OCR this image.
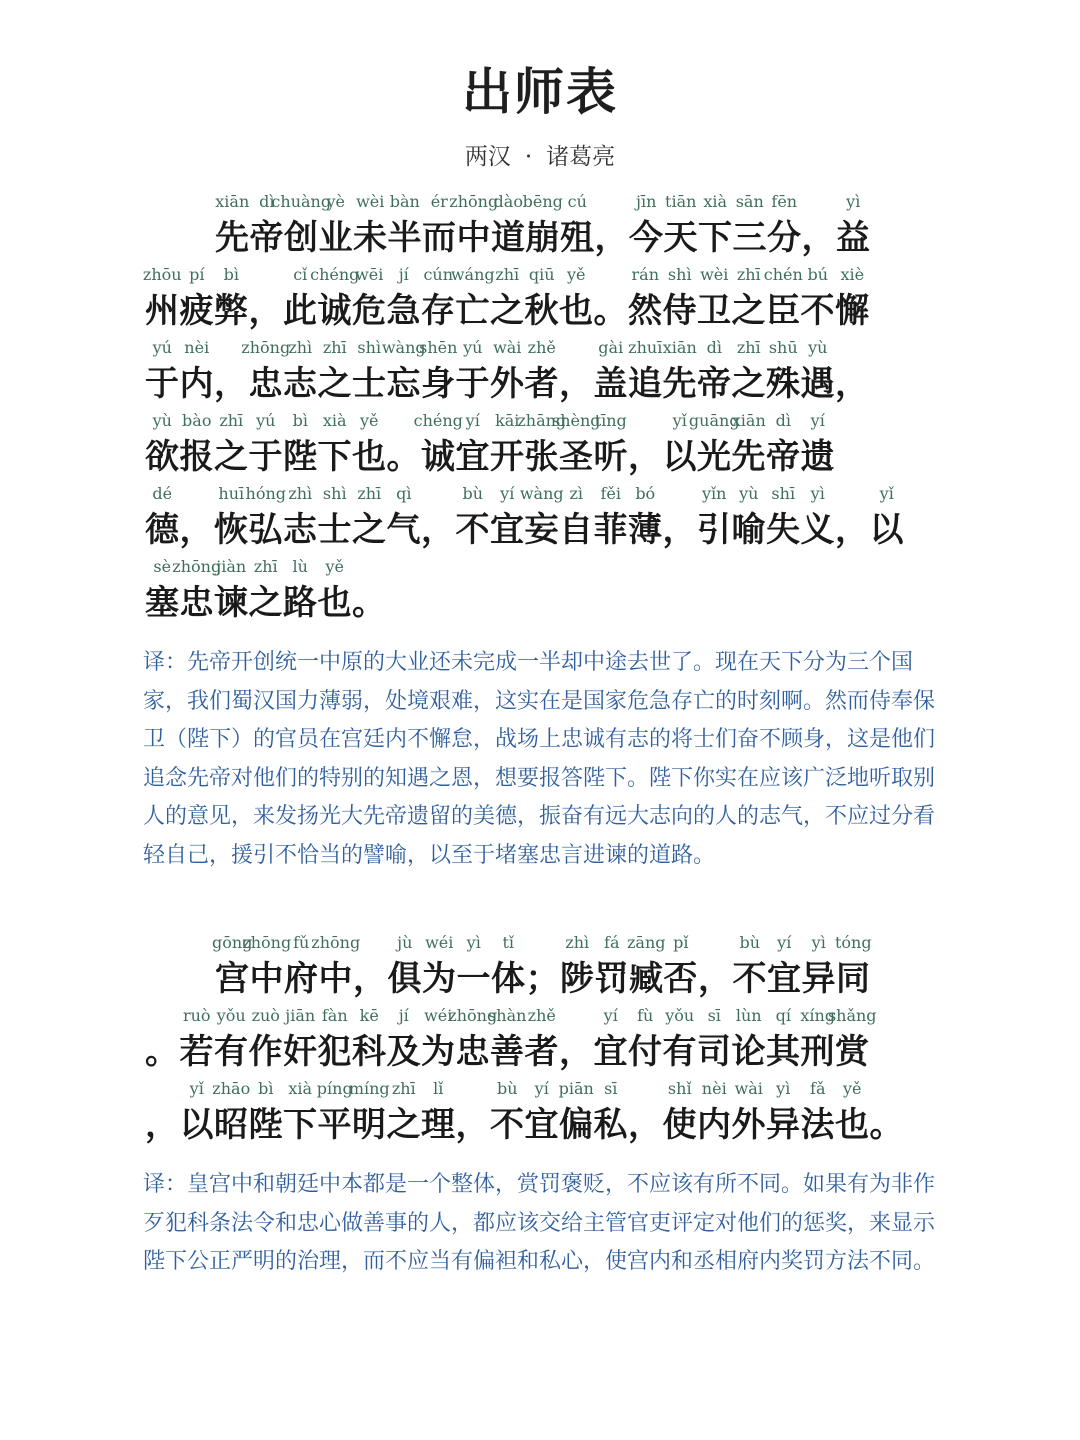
出师表
两汉 · 诸葛亮
xiān dì
chuàng
yè wèi bàn ér zhōng
dào bēng cú	jīn tiān xià sān fēn	yì
先帝创业未半而中道崩殂，今天下三分，益
zhōu pí bì	cǐ chéng
wēi jí cún
wáng zhī qiū yě	rán shì wèi zhī chén bú xiè
州疲弊，此诚危急存亡之秋也。然侍卫之臣不懈
yú nèi zhōng
zhì zhī shì wàng
shēn yú wài zhě	gài zhuī xiān dì zhī shū yù
于内，忠志之士忘身于外者，盖追先帝之殊遇，
yù bào zhī yú bì xià yě chéng yí kāi
zhāng
shèng
tīng	yǐ guāng
xiān dì yí
欲报之于陛下也。诚宜开张圣听，以光先帝遗
dé	huī hóng zhì shì zhī qì	bù yí wàng zì fěi bó	yǐn yù shī yì	yǐ
德，恢弘志士之气，不宜妄自菲薄，引喻失义，以
sè zhōng
jiàn zhī lù yě
塞忠谏之路也。
译：先帝开创统一中原的大业还未完成一半却中途去世了。现在天下分为三个国家，我们蜀汉国力薄弱，处境艰难，这实在是国家危急存亡的时刻啊。然而侍奉保卫（陛下）的官员在宫廷内不懈怠，战场上忠诚有志的将士们奋不顾身，这是他们追念先帝对他们的特别的知遇之恩，想要报答陛下。陛下你实在应该广泛地听取别人的意见，来发扬光大先帝遗留的美德，振奋有远大志向的人的志气，不应过分看轻自己，援引不恰当的譬喻，以至于堵塞忠言进谏的道路。
gōng
zhōng fǔ zhōng jù wéi yì tǐ	zhì fá zāng pǐ	bù yí yì tóng
宫中府中，俱为一体；陟罚臧否，不宜异同
ruò yǒu zuò jiān fàn kē jí wéi
zhōng
shàn zhě	yí fù yǒu sī lùn qí xíng
shǎng
。若有作奸犯科及为忠善者，宜付有司论其刑赏
yǐ zhāo bì xià píng
míng zhī lǐ	bù yí piān sī	shǐ nèi wài yì fǎ yě
，以昭陛下平明之理，不宜偏私，使内外异法也。
译：皇宫中和朝廷中本都是一个整体，赏罚褒贬，不应该有所不同。如果有为非作歹犯科条法令和忠心做善事的人，都应该交给主管官吏评定对他们的惩奖，来显示陛下公正严明的治理，而不应当有偏袒和私心，使宫内和丞相府内奖罚方法不同。
